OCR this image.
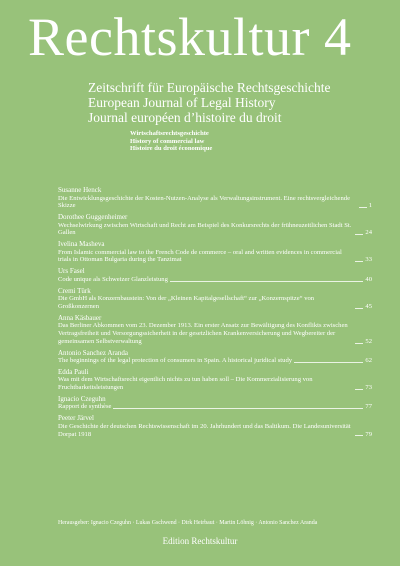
Rechtskultur 4
Zeitschrift für Europäische Rechtsgeschichte
European Journal of Legal History
Journal européen d’histoire du droit
Wirtschaftsrechtsgeschichte
History of commercial law
Histoire du droit économique
Susanne Henck
Die Entwicklungsgeschichte der Kosten-Nutzen-Analyse als Verwaltungsinstrument. Eine rechtsvergleichende Skizze	1
Dorothee Guggenheimer
Wechselwirkung zwischen Wirtschaft und Recht am Beispiel des Konkursrechts der frühneuzeitlichen Stadt St. Gallen	24
Ivelina Masheva
From Islamic commercial law to the French Code de commerce – oral and written evidences in commercial trials in Ottoman Bulgaria during the Tanzimat	33
Urs Fasel
Code unique als Schweizer Glanzleistung	40
Cremi Türk
Die GmbH als Konzernbaustein: Von der „Kleinen Kapitalgesellschaft“ zur „Konzernspitze“ von Großkonzernen	45
Anna Käsbauer
Das Berliner Abkommen vom 23. Dezember 1913. Ein erster Ansatz zur Bewältigung des Konflikts zwischen Vertragsfreiheit und Versorgungssicherheit in der gesetzlichen Krankenversicherung und Wegbereiter der gemeinsamen Selbstverwaltung	52
Antonio Sanchez Aranda
The beginnings of the legal protection of consumers in Spain. A historical juridical study	62
Edda Pauli
Was mit dem Wirtschaftsrecht eigentlich nichts zu tun haben soll – Die Kommerzialisierung von Fruchtbarkeitsleistungen	73
Ignacio Czeguhn
Rapport de synthèse	77
Peeter Järvel
Die Geschichte der deutschen Rechtswissenschaft im 20. Jahrhundert und das Baltikum. Die Landesuniversität Dorpat 1918	79
Herausgeber: Ignacio Czeguhn · Lukas Gschwend · Dirk Heirbaut · Martin Löhnig · Antonio Sanchez Aranda
Edition Rechtskultur
